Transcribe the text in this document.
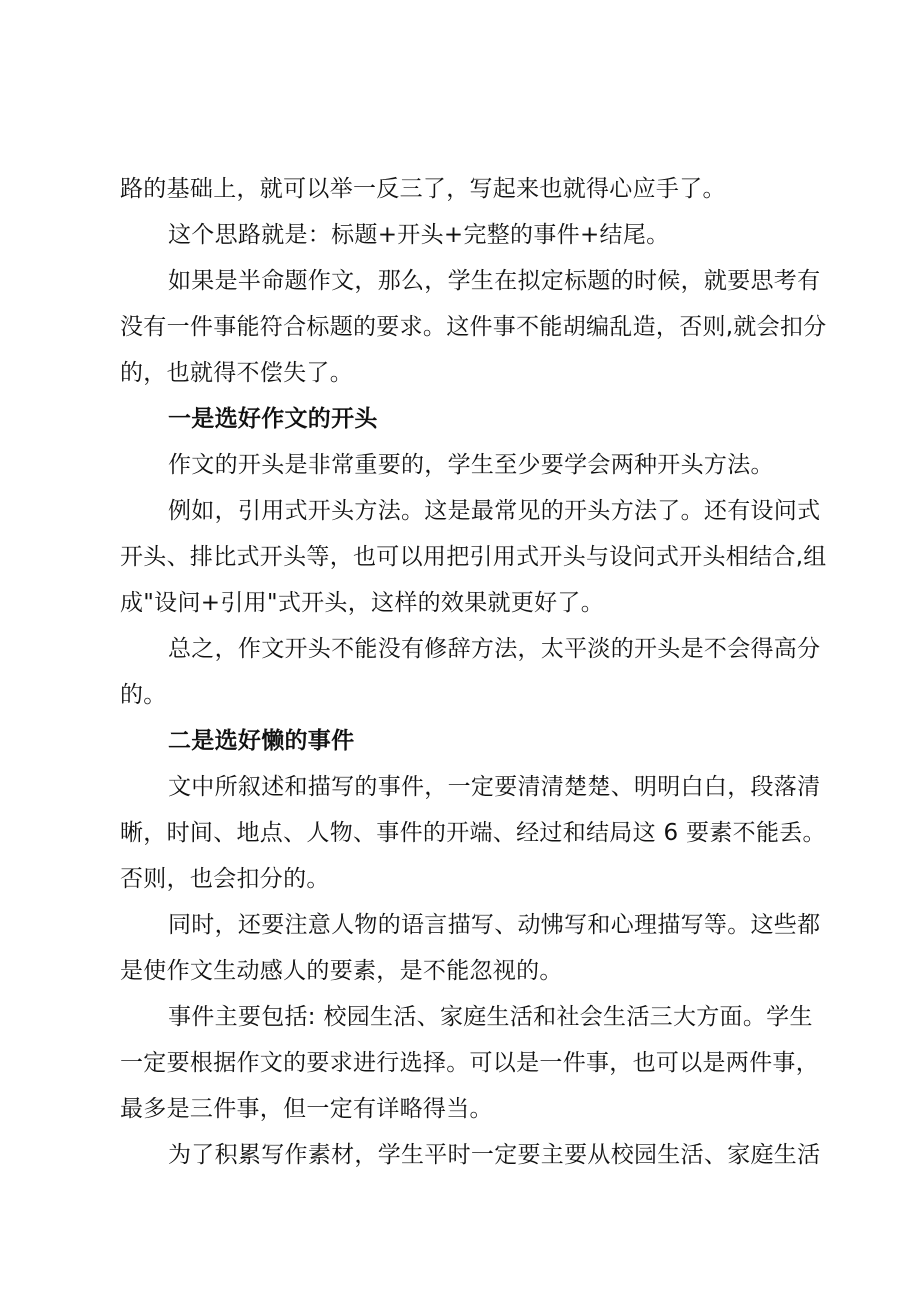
路的基础上，就可以举一反三了，写起来也就得心应手了。
这个思路就是：标题+开头+完整的事件+结尾。
如果是半命题作文，那么，学生在拟定标题的时候，就要思考有
没有一件事能符合标题的要求。这件事不能胡编乱造，否则,就会扣分
的，也就得不偿失了。
一是选好作文的开头
作文的开头是非常重要的，学生至少要学会两种开头方法。
例如，引用式开头方法。这是最常见的开头方法了。还有设问式
开头、排比式开头等，也可以用把引用式开头与设问式开头相结合,组
成"设问+引用"式开头，这样的效果就更好了。
总之，作文开头不能没有修辞方法，太平淡的开头是不会得高分
的。
二是选好懒的事件
文中所叙述和描写的事件，一定要清清楚楚、明明白白，段落清
晰，时间、地点、人物、事件的开端、经过和结局这 6 要素不能丢。
否则，也会扣分的。
同时，还要注意人物的语言描写、动怫写和心理描写等。这些都
是使作文生动感人的要素，是不能忽视的。
事件主要包括: 校园生活、家庭生活和社会生活三大方面。学生
一定要根据作文的要求进行选择。可以是一件事，也可以是两件事，
最多是三件事，但一定有详略得当。
为了积累写作素材，学生平时一定要主要从校园生活、家庭生活
